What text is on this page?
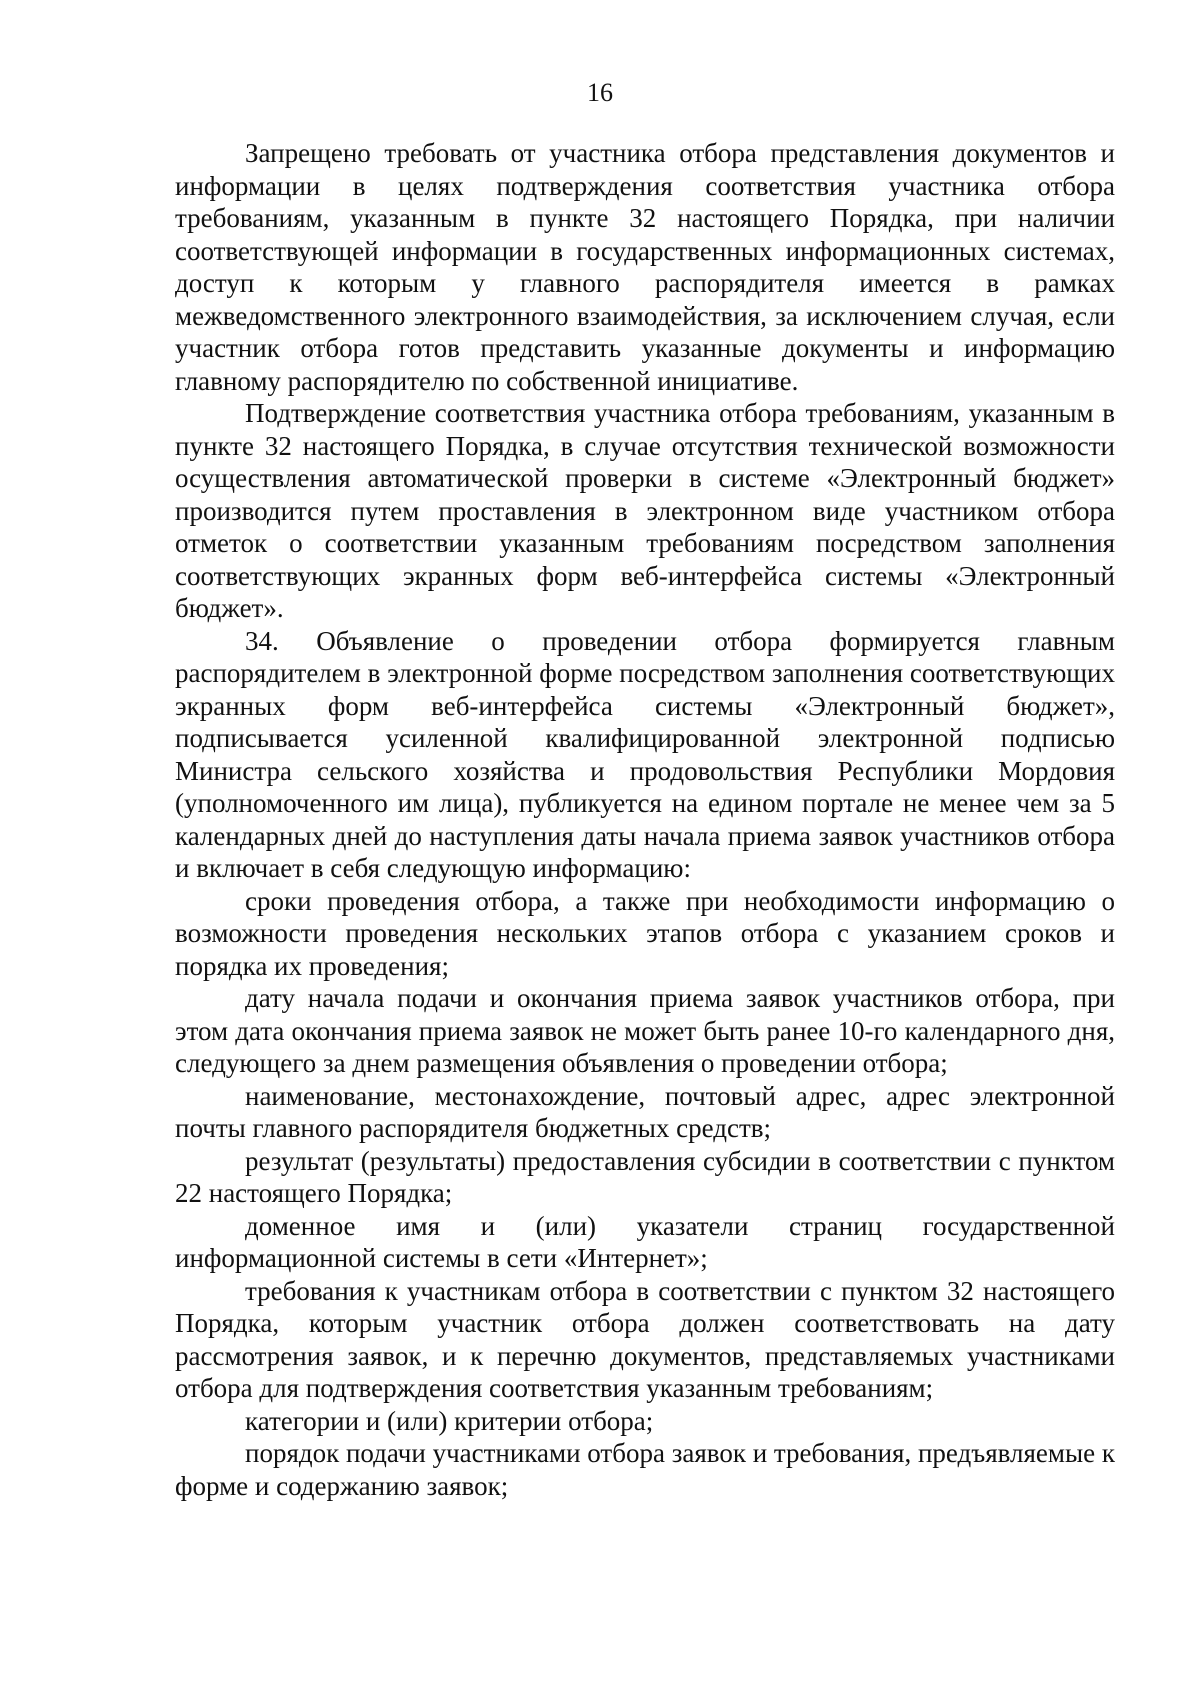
16

Запрещено требовать от участника отбора представления документов и информации в целях подтверждения соответствия участника отбора требованиям, указанным в пункте 32 настоящего Порядка, при наличии соответствующей информации в государственных информационных системах, доступ к которым у главного распорядителя имеется в рамках межведомственного электронного взаимодействия, за исключением случая, если участник отбора готов представить указанные документы и информацию главному распорядителю по собственной инициативе.

Подтверждение соответствия участника отбора требованиям, указанным в пункте 32 настоящего Порядка, в случае отсутствия технической возможности осуществления автоматической проверки в системе «Электронный бюджет» производится путем проставления в электронном виде участником отбора отметок о соответствии указанным требованиям посредством заполнения соответствующих экранных форм веб-интерфейса системы «Электронный бюджет».

34. Объявление о проведении отбора формируется главным распорядителем в электронной форме посредством заполнения соответствующих экранных форм веб-интерфейса системы «Электронный бюджет», подписывается усиленной квалифицированной электронной подписью Министра сельского хозяйства и продовольствия Республики Мордовия (уполномоченного им лица), публикуется на едином портале не менее чем за 5 календарных дней до наступления даты начала приема заявок участников отбора и включает в себя следующую информацию:

сроки проведения отбора, а также при необходимости информацию о возможности проведения нескольких этапов отбора с указанием сроков и порядка их проведения;

дату начала подачи и окончания приема заявок участников отбора, при этом дата окончания приема заявок не может быть ранее 10-го календарного дня, следующего за днем размещения объявления о проведении отбора;

наименование, местонахождение, почтовый адрес, адрес электронной почты главного распорядителя бюджетных средств;

результат (результаты) предоставления субсидии в соответствии с пунктом 22 настоящего Порядка;

доменное имя и (или) указатели страниц государственной информационной системы в сети «Интернет»;

требования к участникам отбора в соответствии с пунктом 32 настоящего Порядка, которым участник отбора должен соответствовать на дату рассмотрения заявок, и к перечню документов, представляемых участниками отбора для подтверждения соответствия указанным требованиям;

категории и (или) критерии отбора;

порядок подачи участниками отбора заявок и требования, предъявляемые к форме и содержанию заявок;
